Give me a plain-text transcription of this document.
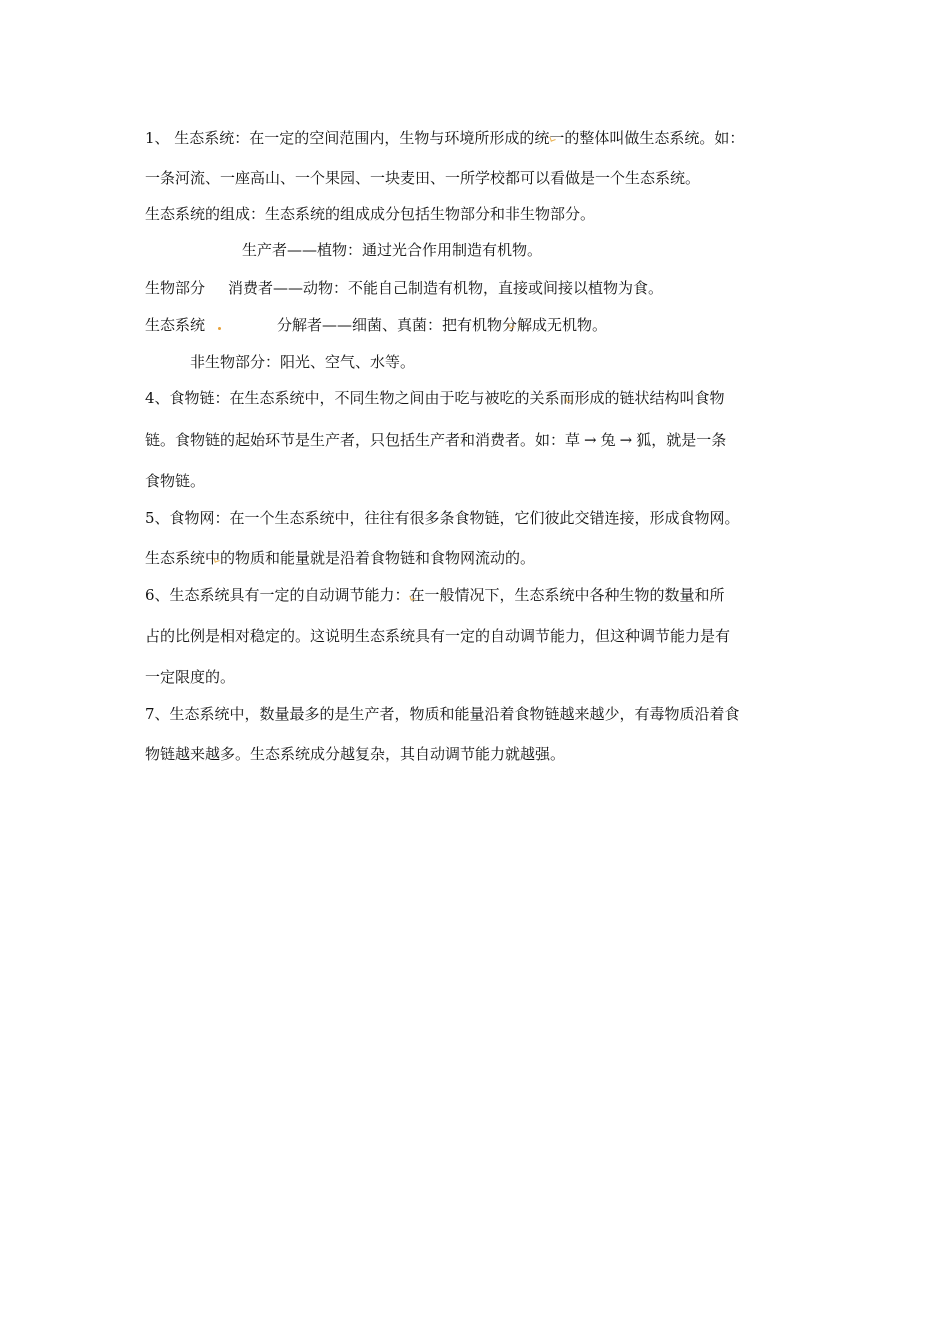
1、 生态系统：在一定的空间范围内，生物与环境所形成的统一的整体叫做生态系统。如：
一条河流、一座高山、一个果园、一块麦田、一所学校都可以看做是一个生态系统。
生态系统的组成：生态系统的组成成分包括生物部分和非生物部分。
生产者——植物：通过光合作用制造有机物。
生物部分 消费者——动物：不能自己制造有机物，直接或间接以植物为食。
生态系统	分解者——细菌、真菌：把有机物分解成无机物。
非生物部分：阳光、空气、水等。
4、食物链：在生态系统中，不同生物之间由于吃与被吃的关系而形成的链状结构叫食物
链。食物链的起始环节是生产者，只包括生产者和消费者。如：草 → 兔 → 狐，就是一条
食物链。
5、食物网：在一个生态系统中，往往有很多条食物链，它们彼此交错连接，形成食物网。
生态系统中的物质和能量就是沿着食物链和食物网流动的。
6、生态系统具有一定的自动调节能力：在一般情况下，生态系统中各种生物的数量和所
占的比例是相对稳定的。这说明生态系统具有一定的自动调节能力，但这种调节能力是有
一定限度的。
7、生态系统中，数量最多的是生产者，物质和能量沿着食物链越来越少，有毒物质沿着食
物链越来越多。生态系统成分越复杂，其自动调节能力就越强。
